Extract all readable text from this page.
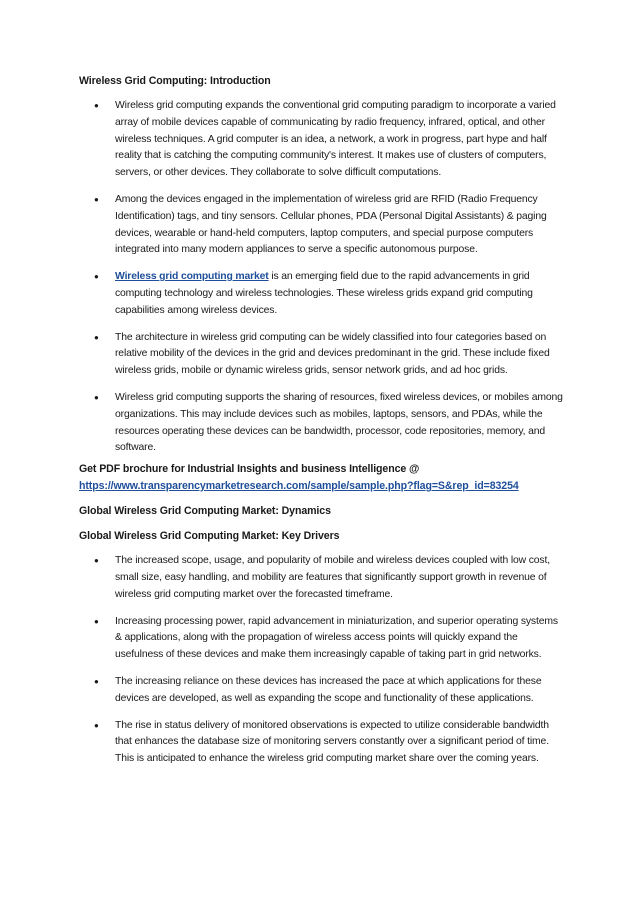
Wireless Grid Computing: Introduction

● Wireless grid computing expands the conventional grid computing paradigm to incorporate a varied array of mobile devices capable of communicating by radio frequency, infrared, optical, and other wireless techniques. A grid computer is an idea, a network, a work in progress, part hype and half reality that is catching the computing community's interest. It makes use of clusters of computers, servers, or other devices. They collaborate to solve difficult computations.
● Among the devices engaged in the implementation of wireless grid are RFID (Radio Frequency Identification) tags, and tiny sensors. Cellular phones, PDA (Personal Digital Assistants) & paging devices, wearable or hand-held computers, laptop computers, and special purpose computers integrated into many modern appliances to serve a specific autonomous purpose.
● Wireless grid computing market is an emerging field due to the rapid advancements in grid computing technology and wireless technologies. These wireless grids expand grid computing capabilities among wireless devices.
● The architecture in wireless grid computing can be widely classified into four categories based on relative mobility of the devices in the grid and devices predominant in the grid. These include fixed wireless grids, mobile or dynamic wireless grids, sensor network grids, and ad hoc grids.
● Wireless grid computing supports the sharing of resources, fixed wireless devices, or mobiles among organizations. This may include devices such as mobiles, laptops, sensors, and PDAs, while the resources operating these devices can be bandwidth, processor, code repositories, memory, and software.

Get PDF brochure for Industrial Insights and business Intelligence @

https://www.transparencymarketresearch.com/sample/sample.php?flag=S&rep_id=83254

Global Wireless Grid Computing Market: Dynamics

Global Wireless Grid Computing Market: Key Drivers

● The increased scope, usage, and popularity of mobile and wireless devices coupled with low cost, small size, easy handling, and mobility are features that significantly support growth in revenue of wireless grid computing market over the forecasted timeframe.
● Increasing processing power, rapid advancement in miniaturization, and superior operating systems & applications, along with the propagation of wireless access points will quickly expand the usefulness of these devices and make them increasingly capable of taking part in grid networks.
● The increasing reliance on these devices has increased the pace at which applications for these devices are developed, as well as expanding the scope and functionality of these applications.
● The rise in status delivery of monitored observations is expected to utilize considerable bandwidth that enhances the database size of monitoring servers constantly over a significant period of time. This is anticipated to enhance the wireless grid computing market share over the coming years.
